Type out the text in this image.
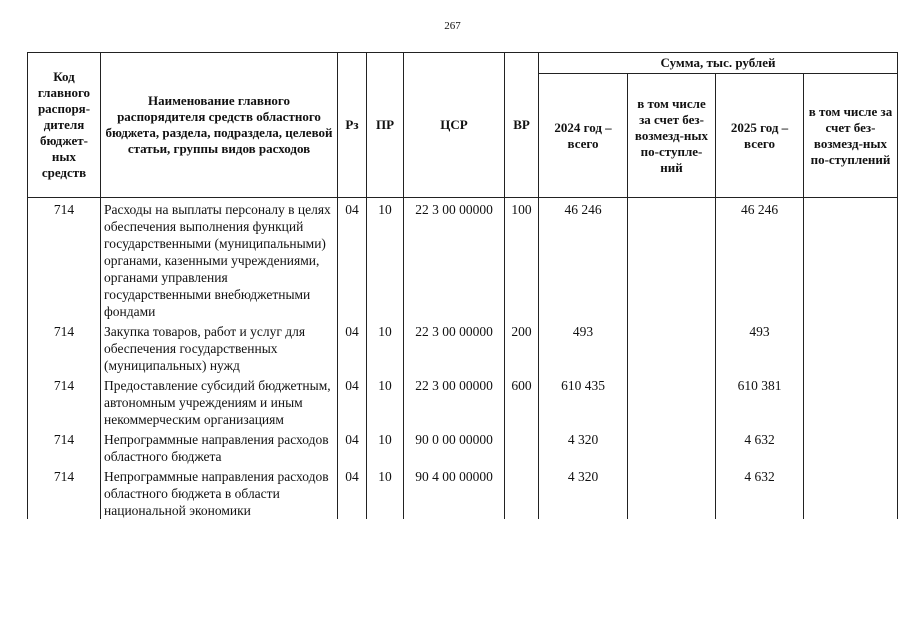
267
Код главного распоря-дителя бюджет-ных средств	Наименование главного распорядителя средств областного бюджета, раздела, подраздела, целевой статьи, группы видов расходов	Рз	ПР	ЦСР	ВР	Сумма, тыс. рублей			
						2024 год – всего	в том числе за счет без-возмезд-ных по-ступле-ний	2025 год – всего	в том числе за счет без-возмезд-ных по-ступлений
714	Расходы на выплаты персоналу в целях обеспечения выполнения функций государственными (муниципальными) органами, казенными учреждениями, органами управления государственными внебюджетными фондами	04	10	22 3 00 00000	100	46 246		46 246	
714	Закупка товаров, работ и услуг для обеспечения государственных (муниципальных) нужд	04	10	22 3 00 00000	200	493		493	
714	Предоставление субсидий бюджетным, автономным учреждениям и иным некоммерческим организациям	04	10	22 3 00 00000	600	610 435		610 381	
714	Непрограммные направления расходов областного бюджета	04	10	90 0 00 00000		4 320		4 632	
714	Непрограммные направления расходов областного бюджета в области национальной экономики	04	10	90 4 00 00000		4 320		4 632	
